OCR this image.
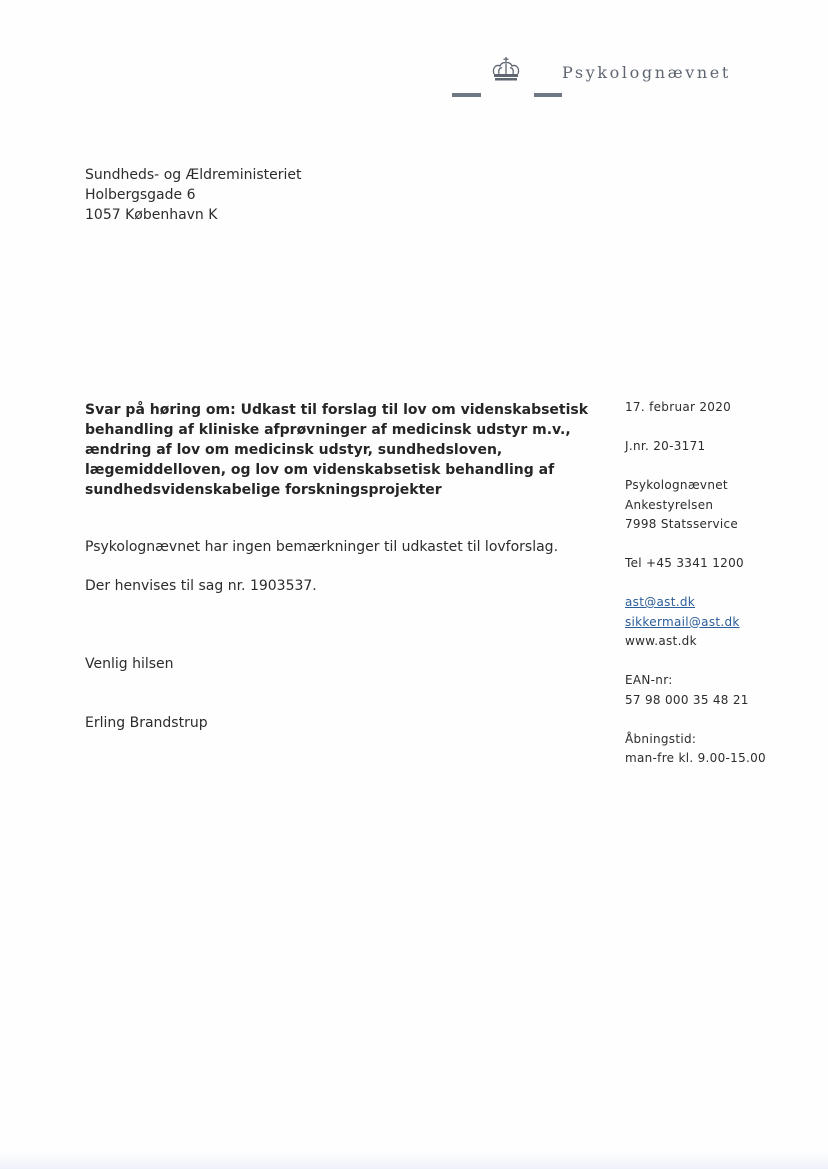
Psykolognævnet
Sundheds- og Ældreministeriet
Holbergsgade 6
1057 København K
Svar på høring om: Udkast til forslag til lov om videnskabsetisk
behandling af kliniske afprøvninger af medicinsk udstyr m.v.,
ændring af lov om medicinsk udstyr, sundhedsloven,
lægemiddelloven, og lov om videnskabsetisk behandling af
sundhedsvidenskabelige forskningsprojekter
Psykolognævnet har ingen bemærkninger til udkastet til lovforslag.
Der henvises til sag nr. 1903537.
Venlig hilsen
Erling Brandstrup
17. februar 2020
J.nr. 20-3171
Psykolognævnet
Ankestyrelsen
7998 Statsservice
Tel +45 3341 1200
ast@ast.dk
sikkermail@ast.dk
www.ast.dk
EAN-nr:
57 98 000 35 48 21
Åbningstid:
man-fre kl. 9.00-15.00
